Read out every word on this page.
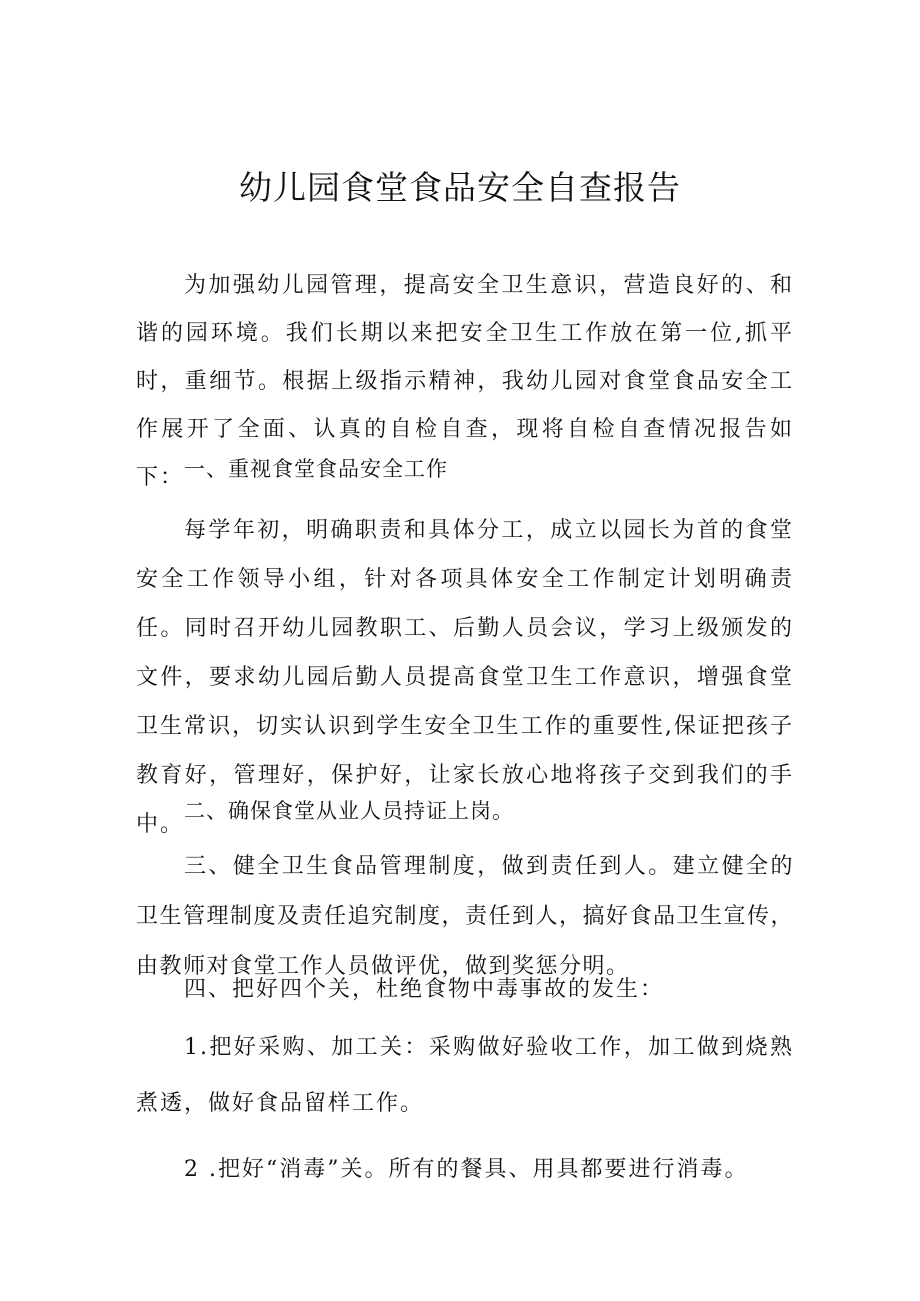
幼儿园食堂食品安全自查报告

为加强幼儿园管理，提高安全卫生意识，营造良好的、和谐的园环境。我们长期以来把安全卫生工作放在第一位,抓平时，重细节。根据上级指示精神，我幼儿园对食堂食品安全工作展开了全面、认真的自检自查，现将自检自查情况报告如下： 一、重视食堂食品安全工作

每学年初，明确职责和具体分工，成立以园长为首的食堂安全工作领导小组，针对各项具体安全工作制定计划明确责任。同时召开幼儿园教职工、后勤人员会议，学习上级颁发的文件，要求幼儿园后勤人员提高食堂卫生工作意识，增强食堂卫生常识，切实认识到学生安全卫生工作的重要性,保证把孩子教育好，管理好，保护好，让家长放心地将孩子交到我们的手中。

二、确保食堂从业人员持证上岗。

三、健全卫生食品管理制度，做到责任到人。建立健全的卫生管理制度及责任追究制度，责任到人，搞好食品卫生宣传，由教师对食堂工作人员做评优，做到奖惩分明。

四、把好四个关，杜绝食物中毒事故的发生：

1.把好采购、加工关：采购做好验收工作，加工做到烧熟煮透，做好食品留样工作。

2 .把好“消毒”关。所有的餐具、用具都要进行消毒。
